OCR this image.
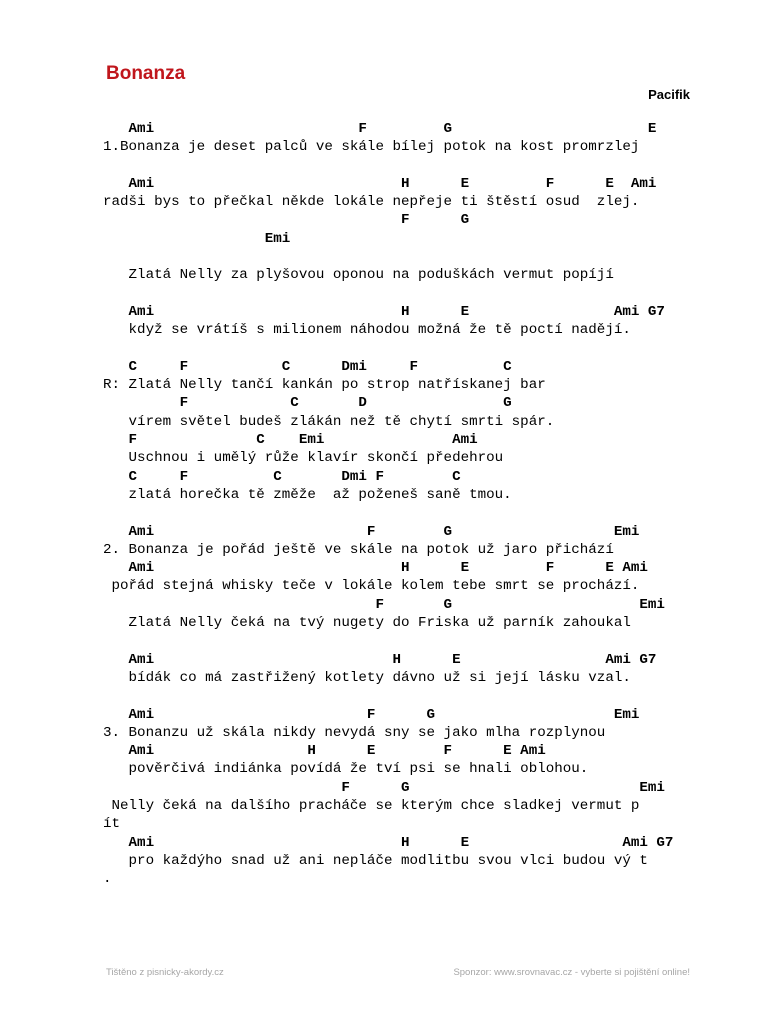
Bonanza
Pacifik
Ami                        F         G                       E
1.Bonanza je deset palců ve skále bílej potok na kost promrzlej
Ami                             H      E         F      E  Ami
radši bys to přečkal někde lokále nepřeje ti štěstí osud  zlej.
F      G
Emi
Zlatá Nelly za plyšovou oponou na poduškách vermut popíjí
Ami                             H      E                 Ami G7
když se vrátíš s milionem náhodou možná že tě poctí nadějí.
C     F           C      Dmi     F          C
R: Zlatá Nelly tančí kankán po strop natřískanej bar
F            C       D                G
vírem světel budeš zlákán než tě chytí smrti spár.
F              C    Emi               Ami
Uschnou i umělý růže klavír skončí předehrou
C     F          C       Dmi F        C
zlatá horečka tě změže  až poženeš saně tmou.
Ami                         F        G                   Emi
2. Bonanza je pořád ještě ve skále na potok už jaro přichází
Ami                             H      E         F      E Ami
pořád stejná whisky teče v lokále kolem tebe smrt se prochází.
F       G                      Emi
Zlatá Nelly čeká na tvý nugety do Friska už parník zahoukal
Ami                            H      E                 Ami G7
bídák co má zastřižený kotlety dávno už si její lásku vzal.
Ami                         F      G                     Emi
3. Bonanzu už skála nikdy nevydá sny se jako mlha rozplynou
Ami                  H      E        F      E Ami
pověrčivá indiánka povídá že tví psi se hnali oblohou.
F      G                           Emi
Nelly čeká na dalšího pracháče se kterým chce sladkej vermut p
ít
Ami                             H      E                  Ami G7
pro každýho snad už ani nepláče modlitbu svou vlci budou vý t
.
Tištěno z pisnicky-akordy.cz	Sponzor: www.srovnavac.cz - vyberte si pojištění online!
